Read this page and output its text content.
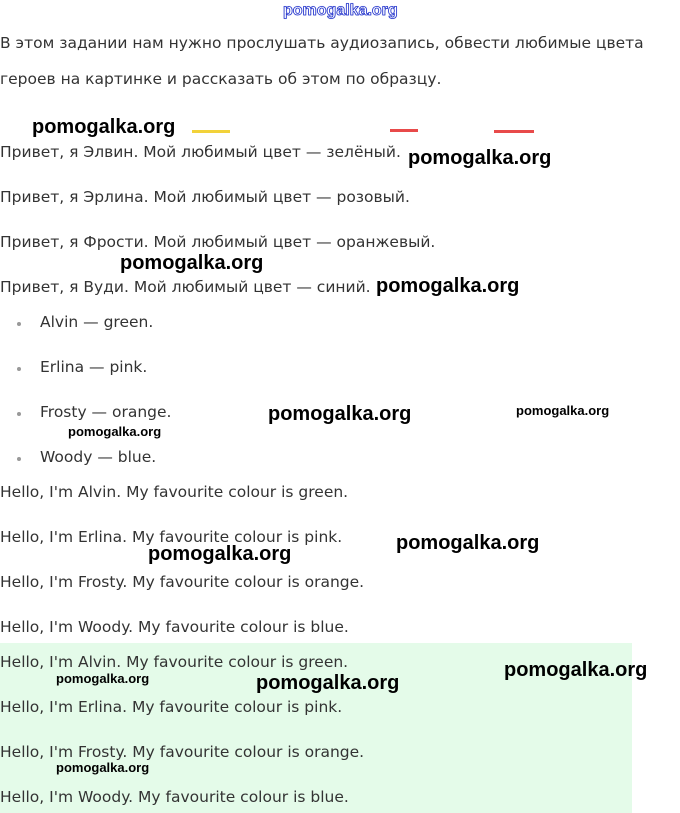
pomogalka.org
В этом задании нам нужно прослушать аудиозапись, обвести любимые цвета
героев на картинке и рассказать об этом по образцу.
Привет, я Элвин. Мой любимый цвет — зелёный.
Привет, я Эрлина. Мой любимый цвет — розовый.
Привет, я Фрости. Мой любимый цвет — оранжевый.
Привет, я Вуди. Мой любимый цвет — синий.
Alvin — green.
Erlina — pink.
Frosty — orange.
Woody — blue.
Hello, I'm Alvin. My favourite colour is green.
Hello, I'm Erlina. My favourite colour is pink.
Hello, I'm Frosty. My favourite colour is orange.
Hello, I'm Woody. My favourite colour is blue.
Hello, I'm Alvin. My favourite colour is green.
Hello, I'm Erlina. My favourite colour is pink.
Hello, I'm Frosty. My favourite colour is orange.
Hello, I'm Woody. My favourite colour is blue.
pomogalka.org
pomogalka.org
pomogalka.org
pomogalka.org
pomogalka.org	pomogalka.org
pomogalka.org
pomogalka.org	pomogalka.org
pomogalka.org
pomogalka.org
pomogalka.org
pomogalka.org
